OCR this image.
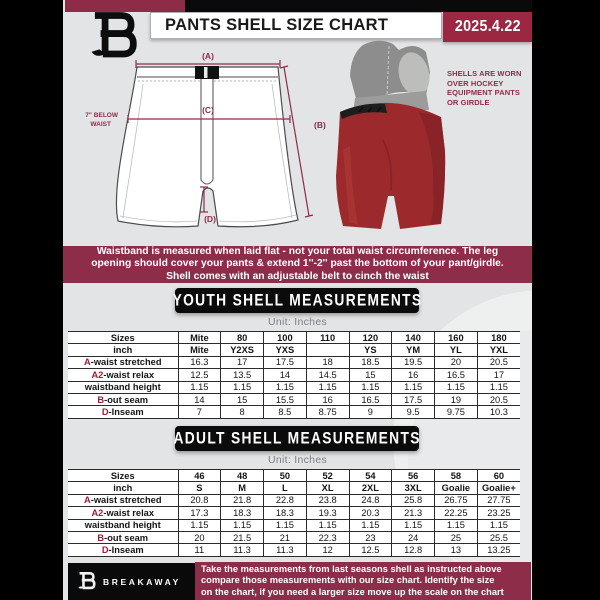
PANTS SHELL SIZE CHART	2025.4.22
(A)
(C)
(B)
(D)
7" BELOW
WAIST
SHELLS ARE WORN
OVER HOCKEY
EQUIPMENT PANTS
OR GIRDLE
Waistband is measured when laid flat - not your total waist circumference. The leg
opening should cover your pants & extend 1''-2'' past the bottom of your pant/girdle.
Shell comes with an adjustable belt to cinch the waist
YOUTH SHELL MEASUREMENTS
Unit: Inches
Sizes	Mite	80	100	110	120	140	160	180
inch	Mite	Y2XS	YXS		YS	YM	YL	YXL
A-waist stretched	16.3	17	17.5	18	18.5	19.5	20	20.5
A2-waist relax	12.5	13.5	14	14.5	15	16	16.5	17
waistband height	1.15	1.15	1.15	1.15	1.15	1.15	1.15	1.15
B-out seam	14	15	15.5	16	16.5	17.5	19	20.5
D-Inseam	7	8	8.5	8.75	9	9.5	9.75	10.3
ADULT SHELL MEASUREMENTS
Unit: Inches
Sizes	46	48	50	52	54	56	58	60
inch	S	M	L	XL	2XL	3XL	Goalie	Goalie+
A-waist stretched	20.8	21.8	22.8	23.8	24.8	25.8	26.75	27.75
A2-waist relax	17.3	18.3	18.3	19.3	20.3	21.3	22.25	23.25
waistband height	1.15	1.15	1.15	1.15	1.15	1.15	1.15	1.15
B-out seam	20	21.5	21	22.3	23	24	25	25.5
D-Inseam	11	11.3	11.3	12	12.5	12.8	13	13.25
BREAKAWAY
Take the measurements from last seasons shell as instructed above
compare those measurements with our size chart. Identify the size
on the chart, if you need a larger size move up the scale on the chart
